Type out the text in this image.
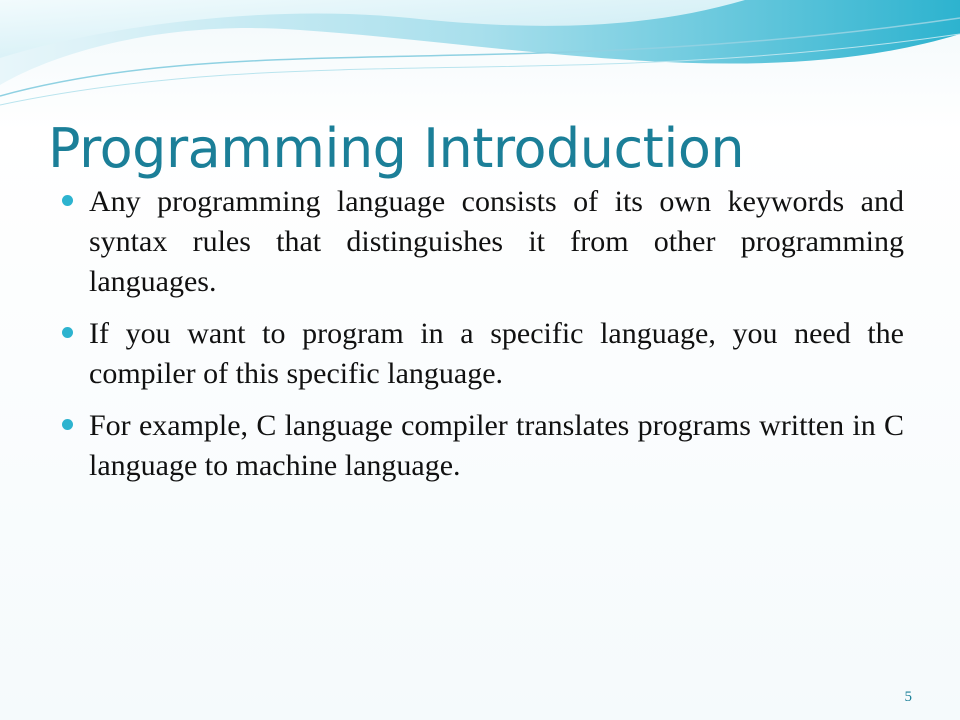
Programming Introduction
Any programming language consists of its own keywords and syntax rules that distinguishes it from other programming languages.
If you want to program in a specific language, you need the compiler of this specific language.
For example, C language compiler translates programs written in C language to machine language.
5
